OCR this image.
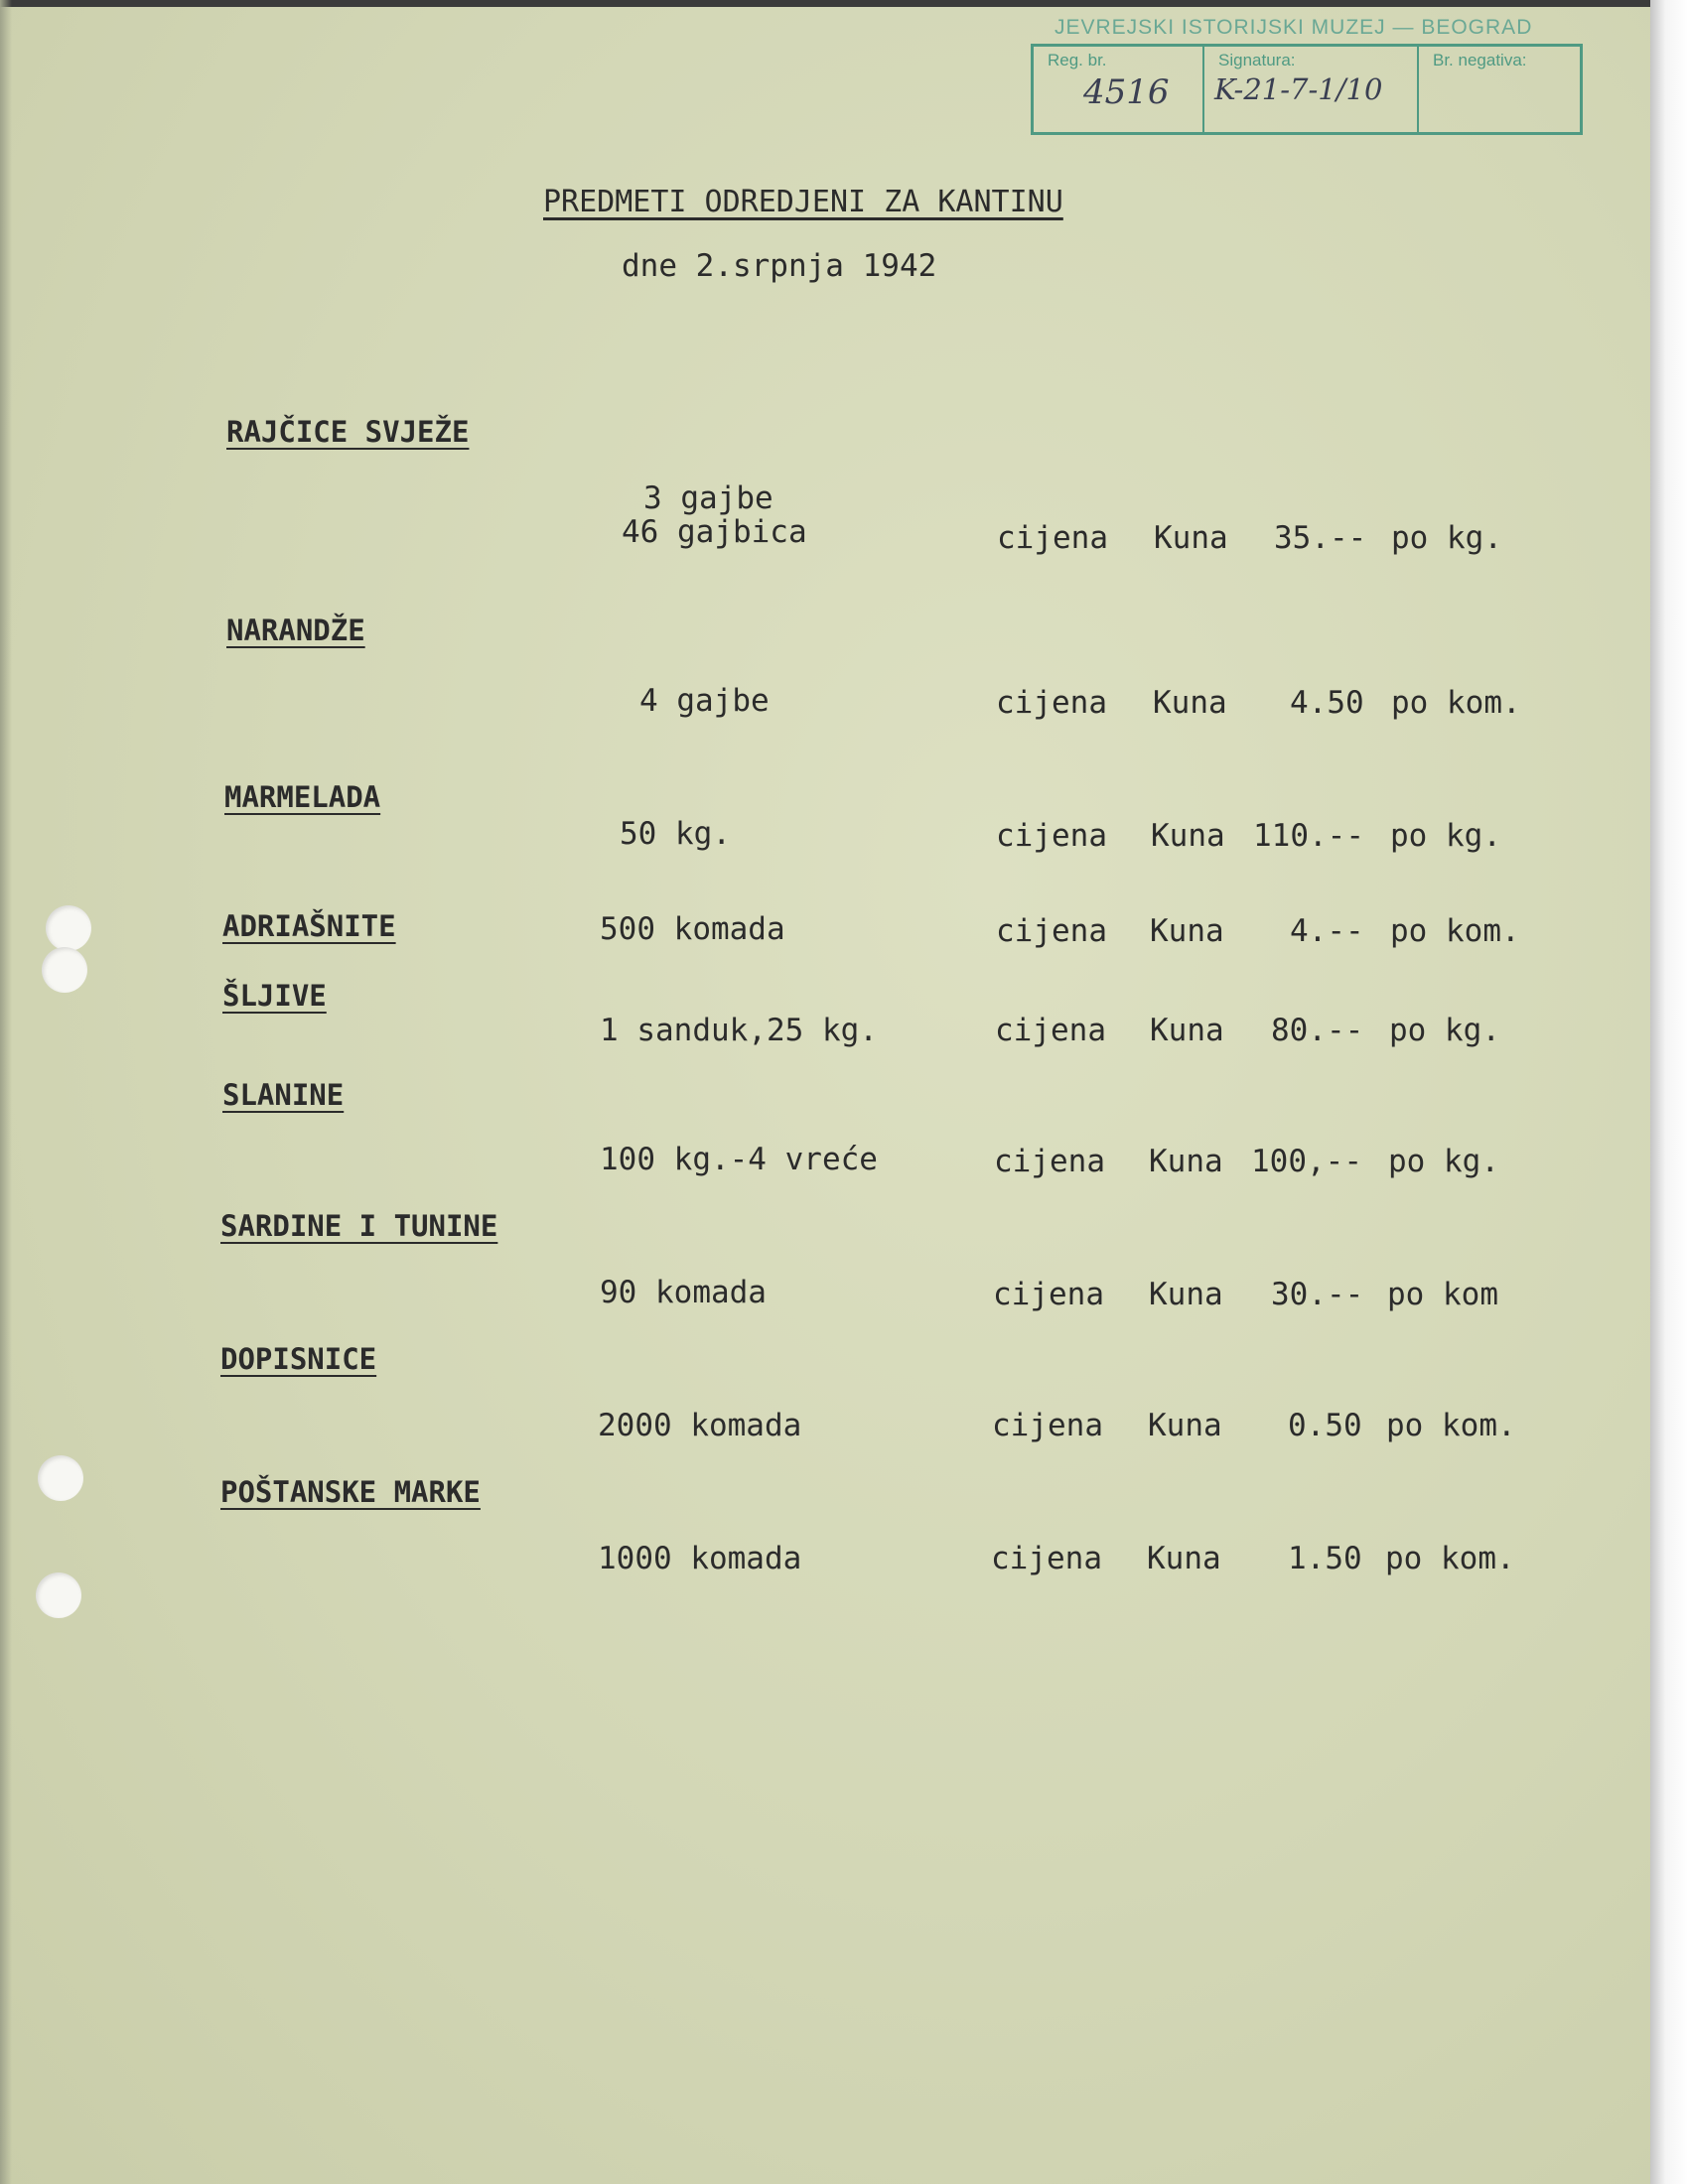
JEVREJSKI ISTORIJSKI MUZEJ — BEOGRAD
Reg. br.
4516
Signatura:
K-21-7-1/10
Br. negativa:
PREDMETI ODREDJENI ZA KANTINU
dne 2.srpnja 1942
RAJČICE SVJEŽE
3 gajbe
46 gajbica	cijena Kuna 35.-- po kg.
NARANDŽE
4 gajbe	cijena Kuna 4.50 po kom.
MARMELADA
50 kg.	cijena Kuna 110.-- po kg.
ADRIAŠNITE	500 komada	cijena Kuna 4.-- po kom.
ŠLJIVE
1 sanduk,25 kg.	cijena Kuna 80.-- po kg.
SLANINE
100 kg.-4 vreće	cijena Kuna 100,-- po kg.
SARDINE I TUNINE
90 komada	cijena Kuna 30.-- po kom
DOPISNICE
2000 komada	cijena Kuna 0.50 po kom.
POŠTANSKE MARKE
1000 komada	cijena Kuna 1.50 po kom.
